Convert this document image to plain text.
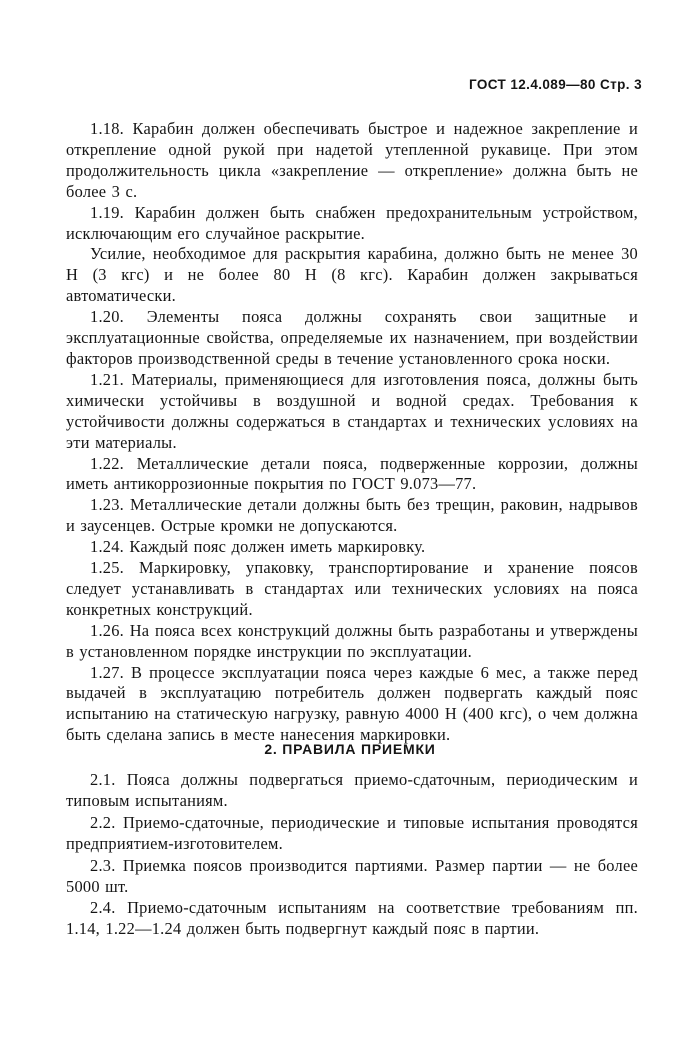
ГОСТ 12.4.089—80 Стр. 3

1.18. Карабин должен обеспечивать быстрое и надежное закрепление и открепление одной рукой при надетой утепленной рукавице. При этом продолжительность цикла «закрепление — открепление» должна быть не более 3 с.

1.19. Карабин должен быть снабжен предохранительным устройством, исключающим его случайное раскрытие.

Усилие, необходимое для раскрытия карабина, должно быть не менее 30 Н (3 кгс) и не более 80 Н (8 кгс). Карабин должен закрываться автоматически.

1.20. Элементы пояса должны сохранять свои защитные и эксплуатационные свойства, определяемые их назначением, при воздействии факторов производственной среды в течение установленного срока носки.

1.21. Материалы, применяющиеся для изготовления пояса, должны быть химически устойчивы в воздушной и водной средах. Требования к устойчивости должны содержаться в стандартах и технических условиях на эти материалы.

1.22. Металлические детали пояса, подверженные коррозии, должны иметь антикоррозионные покрытия по ГОСТ 9.073—77.

1.23. Металлические детали должны быть без трещин, раковин, надрывов и заусенцев. Острые кромки не допускаются.

1.24. Каждый пояс должен иметь маркировку.

1.25. Маркировку, упаковку, транспортирование и хранение поясов следует устанавливать в стандартах или технических условиях на пояса конкретных конструкций.

1.26. На пояса всех конструкций должны быть разработаны и утверждены в установленном порядке инструкции по эксплуатации.

1.27. В процессе эксплуатации пояса через каждые 6 мес, а также перед выдачей в эксплуатацию потребитель должен подвергать каждый пояс испытанию на статическую нагрузку, равную 4000 Н (400 кгс), о чем должна быть сделана запись в месте нанесения маркировки.

2. ПРАВИЛА ПРИЕМКИ

2.1. Пояса должны подвергаться приемо-сдаточным, периодическим и типовым испытаниям.

2.2. Приемо-сдаточные, периодические и типовые испытания проводятся предприятием-изготовителем.

2.3. Приемка поясов производится партиями. Размер партии — не более 5000 шт.

2.4. Приемо-сдаточным испытаниям на соответствие требованиям пп. 1.14, 1.22—1.24 должен быть подвергнут каждый пояс в партии.
